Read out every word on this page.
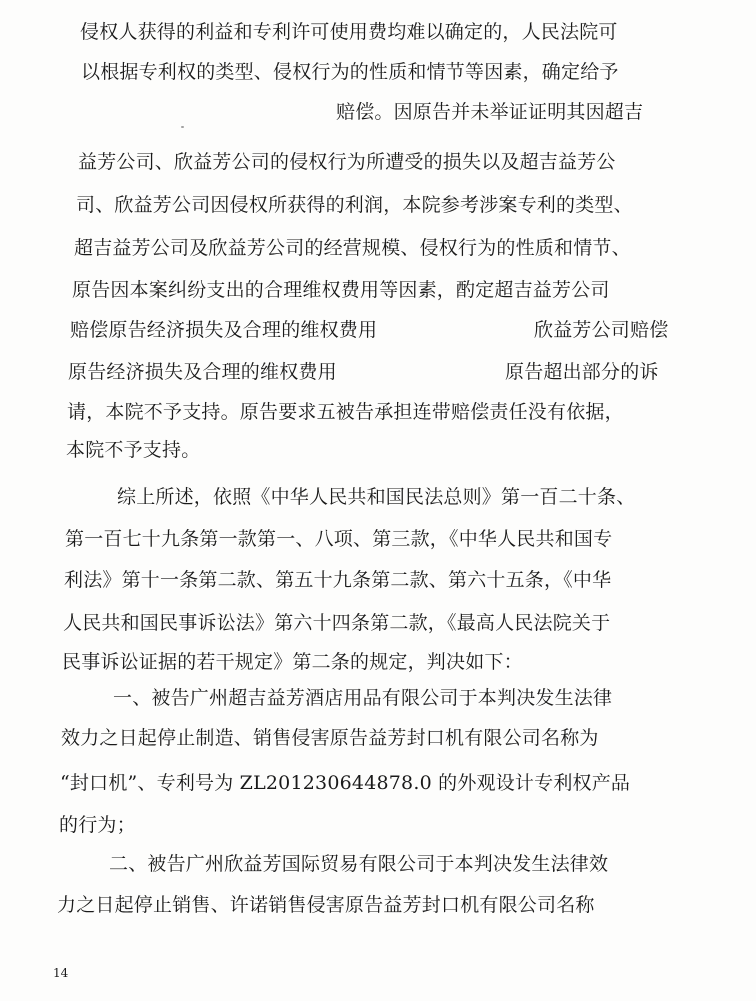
侵权人获得的利益和专利许可使用费均难以确定的，人民法院可
以根据专利权的类型、侵权行为的性质和情节等因素，确定给予
赔偿。因原告并未举证证明其因超吉
益芳公司、欣益芳公司的侵权行为所遭受的损失以及超吉益芳公
司、欣益芳公司因侵权所获得的利润，本院参考涉案专利的类型、
超吉益芳公司及欣益芳公司的经营规模、侵权行为的性质和情节、
原告因本案纠纷支出的合理维权费用等因素，酌定超吉益芳公司
赔偿原告经济损失及合理的维权费用	欣益芳公司赔偿
原告经济损失及合理的维权费用	原告超出部分的诉
请，本院不予支持。原告要求五被告承担连带赔偿责任没有依据，
本院不予支持。
综上所述，依照《中华人民共和国民法总则》第一百二十条、
第一百七十九条第一款第一、八项、第三款，《中华人民共和国专
利法》第十一条第二款、第五十九条第二款、第六十五条，《中华
人民共和国民事诉讼法》第六十四条第二款，《最高人民法院关于
民事诉讼证据的若干规定》第二条的规定，判决如下：
一、被告广州超吉益芳酒店用品有限公司于本判决发生法律
效力之日起停止制造、销售侵害原告益芳封口机有限公司名称为
“封口机”、专利号为 ZL201230644878.0 的外观设计专利权产品
的行为；
二、被告广州欣益芳国际贸易有限公司于本判决发生法律效
力之日起停止销售、许诺销售侵害原告益芳封口机有限公司名称
14
